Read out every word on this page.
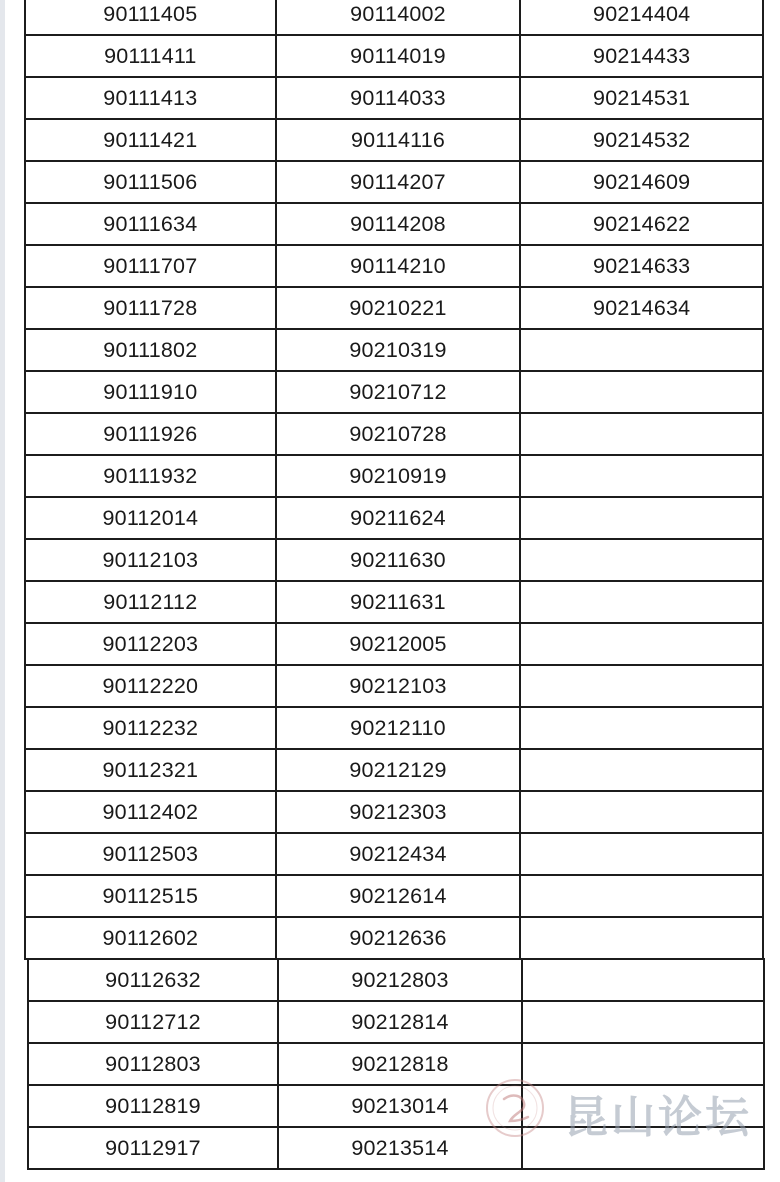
90111405	90114002	90214404
90111411	90114019	90214433
90111413	90114033	90214531
90111421	90114116	90214532
90111506	90114207	90214609
90111634	90114208	90214622
90111707	90114210	90214633
90111728	90210221	90214634
90111802	90210319	
90111910	90210712	
90111926	90210728	
90111932	90210919	
90112014	90211624	
90112103	90211630	
90112112	90211631	
90112203	90212005	
90112220	90212103	
90112232	90212110	
90112321	90212129	
90112402	90212303	
90112503	90212434	
90112515	90212614	
90112602	90212636	
90112632	90212803	
90112712	90212814	
90112803	90212818	
90112819	90213014	
90112917	90213514	
昆山论坛
